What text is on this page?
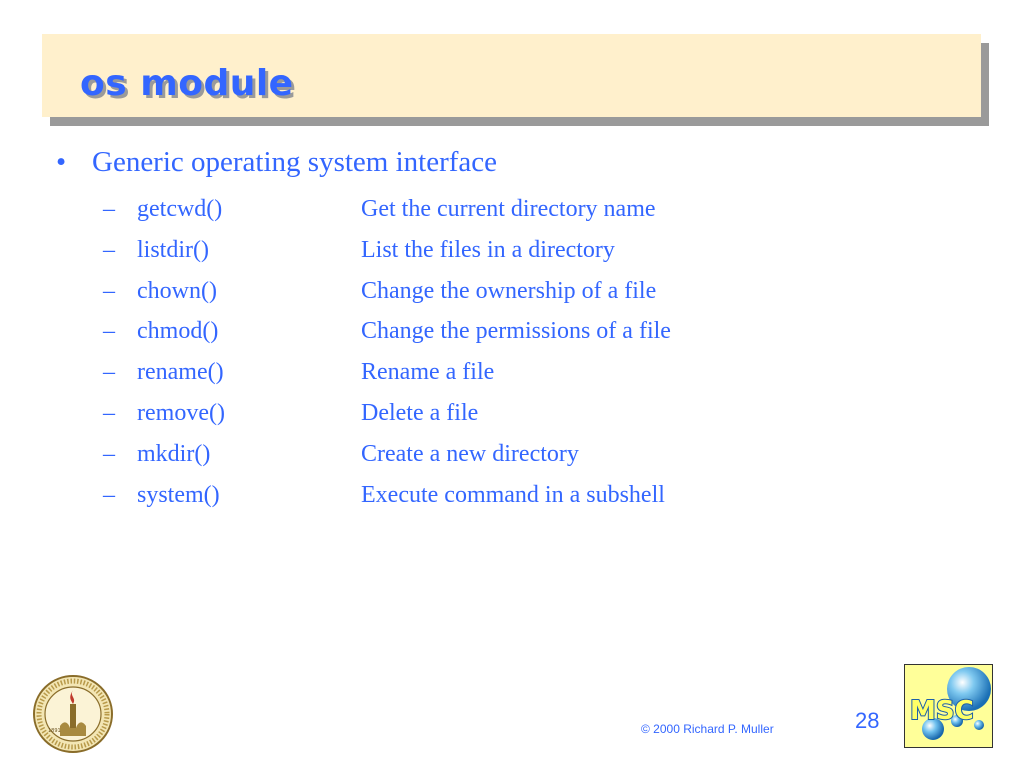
os module
• Generic operating system interface
– getcwd()	Get the current directory name
– listdir()	List the files in a directory
– chown()	Change the ownership of a file
– chmod()	Change the permissions of a file
– rename()	Rename a file
– remove()	Delete a file
– mkdir()	Create a new directory
– system()	Execute command in a subshell
1891	© 2000 Richard P. Muller	28 MSC
